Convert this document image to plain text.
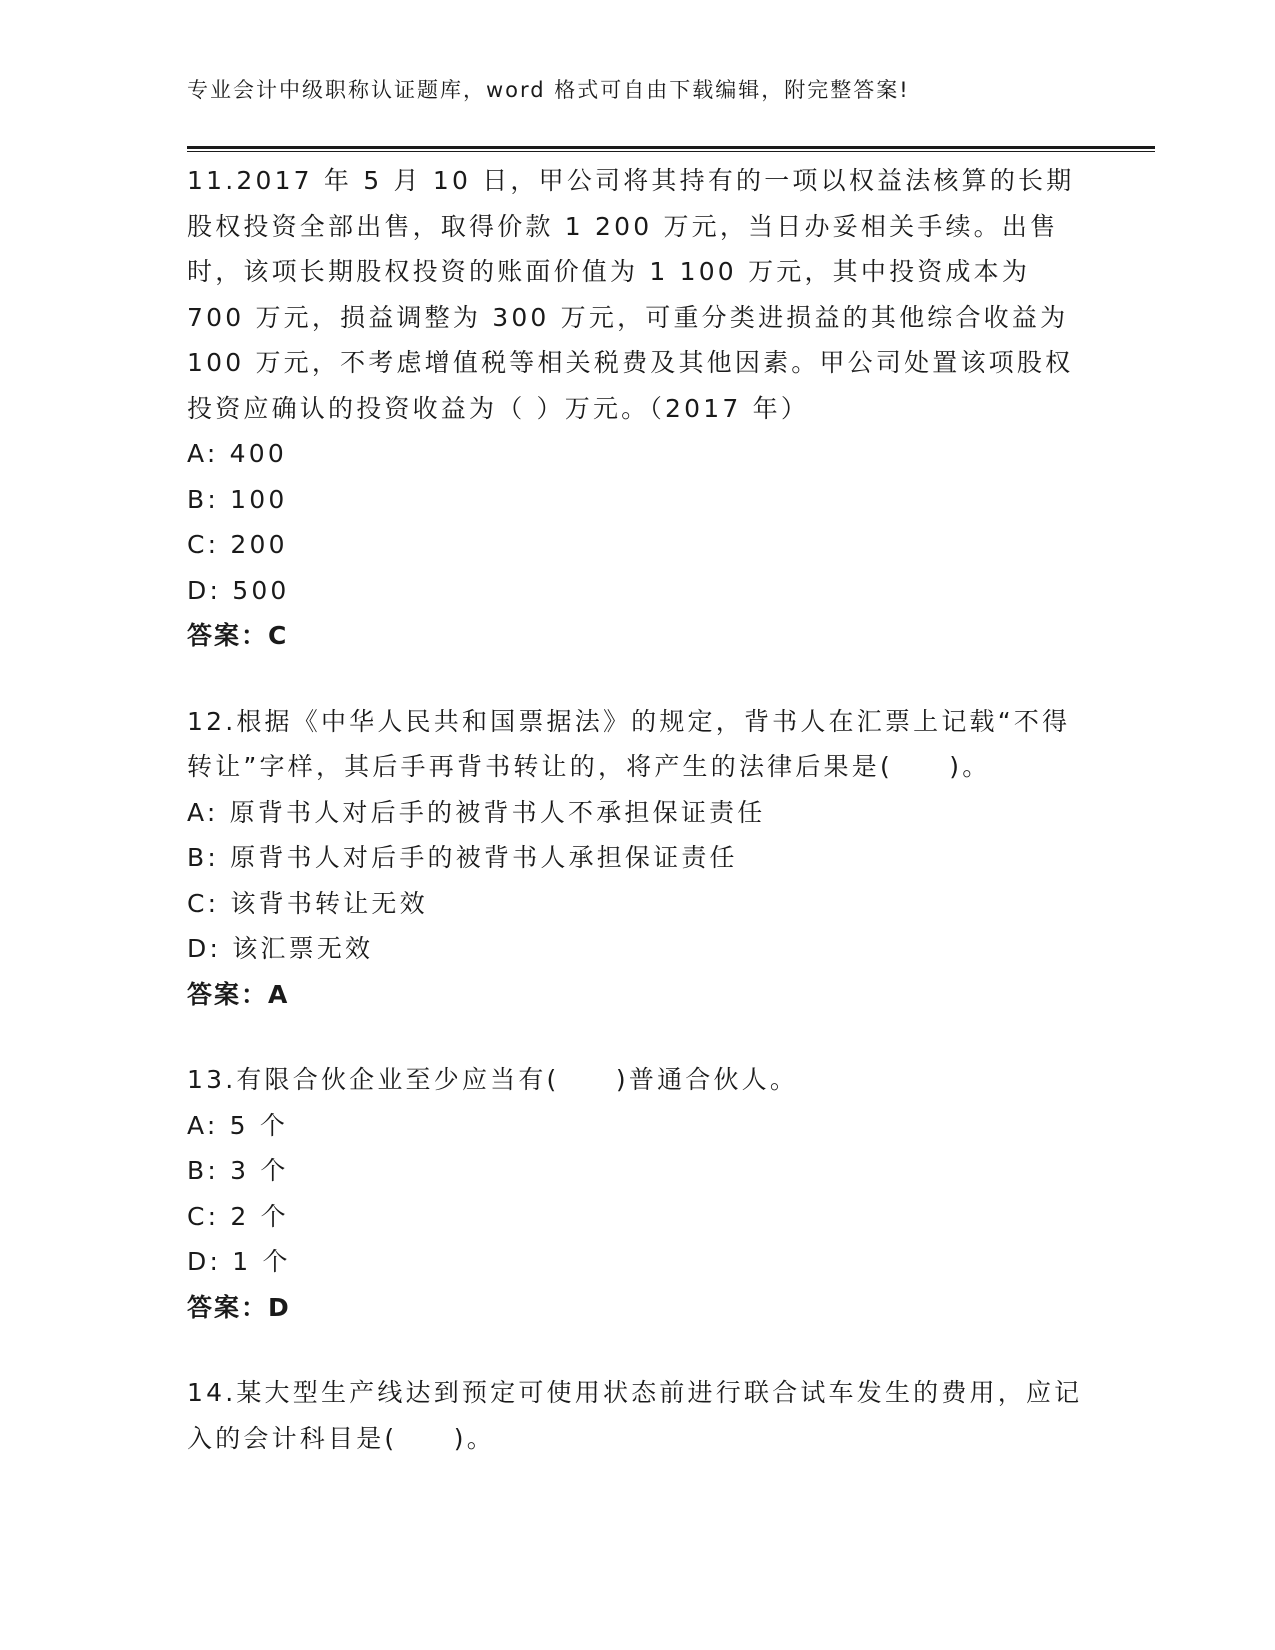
专业会计中级职称认证题库，word 格式可自由下载编辑，附完整答案!

11.2017 年 5 月 10 日，甲公司将其持有的一项以权益法核算的长期股权投资全部出售，取得价款 1 200 万元，当日办妥相关手续。出售时，该项长期股权投资的账面价值为 1 100 万元，其中投资成本为 700 万元，损益调整为 300 万元，可重分类进损益的其他综合收益为 100 万元，不考虑增值税等相关税费及其他因素。甲公司处置该项股权投资应确认的投资收益为（ ）万元。（2017 年）

A: 400

B: 100

C: 200

D: 500

答案：C

12.根据《中华人民共和国票据法》的规定，背书人在汇票上记载“不得转让”字样，其后手再背书转让的，将产生的法律后果是(　　)。

A: 原背书人对后手的被背书人不承担保证责任

B: 原背书人对后手的被背书人承担保证责任

C: 该背书转让无效

D: 该汇票无效

答案：A

13.有限合伙企业至少应当有(　　)普通合伙人。

A: 5 个

B: 3 个

C: 2 个

D: 1 个

答案：D

14.某大型生产线达到预定可使用状态前进行联合试车发生的费用，应记入的会计科目是(　　)。
